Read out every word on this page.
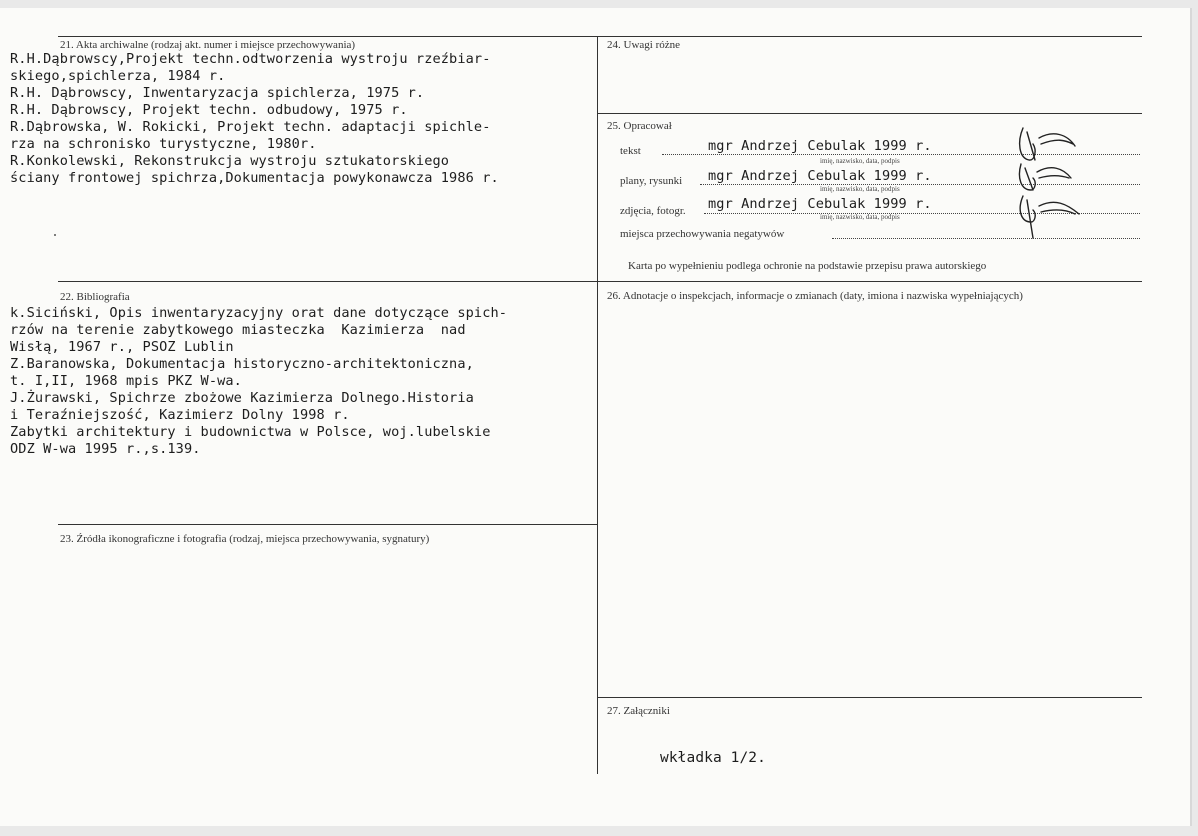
21. Akta archiwalne (rodzaj akt. numer i miejsce przechowywania)
R.H.Dąbrowscy,Projekt techn.odtworzenia wystroju rzeźbiar-
skiego,spichlerza, 1984 r.
R.H. Dąbrowscy, Inwentaryzacja spichlerza, 1975 r.
R.H. Dąbrowscy, Projekt techn. odbudowy, 1975 r.
R.Dąbrowska, W. Rokicki, Projekt techn. adaptacji spichle-
rza na schronisko turystyczne, 1980r.
R.Konkolewski, Rekonstrukcja wystroju sztukatorskiego
ściany frontowej spichrza,Dokumentacja powykonawcza 1986 r.
22. Bibliografia
k.Siciński, Opis inwentaryzacyjny orat dane dotyczące spich-
rzów na terenie zabytkowego miasteczka  Kazimierza  nad
Wisłą, 1967 r., PSOZ Lublin
Z.Baranowska, Dokumentacja historyczno-architektoniczna,
t. I,II, 1968 mpis PKZ W-wa.
J.Żurawski, Spichrze zbożowe Kazimierza Dolnego.Historia
i Teraźniejszość, Kazimierz Dolny 1998 r.
Zabytki architektury i budownictwa w Polsce, woj.lubelskie
ODZ W-wa 1995 r.,s.139.
23. Źródła ikonograficzne i fotografia (rodzaj, miejsca przechowywania, sygnatury)
24. Uwagi różne
25. Opracował
tekst	mgr Andrzej Cebulak 1999 r.
imię, nazwisko, data, podpis
plany, rysunki mgr Andrzej Cebulak 1999 r.
imię, nazwisko, data, podpis
zdjęcia, fotogr. mgr Andrzej Cebulak 1999 r.
imię, nazwisko, data, podpis
miejsca przechowywania negatywów
Karta po wypełnieniu podlega ochronie na podstawie przepisu prawa autorskiego
26. Adnotacje o inspekcjach, informacje o zmianach (daty, imiona i nazwiska wypełniających)
27. Załączniki
wkładka 1/2.
